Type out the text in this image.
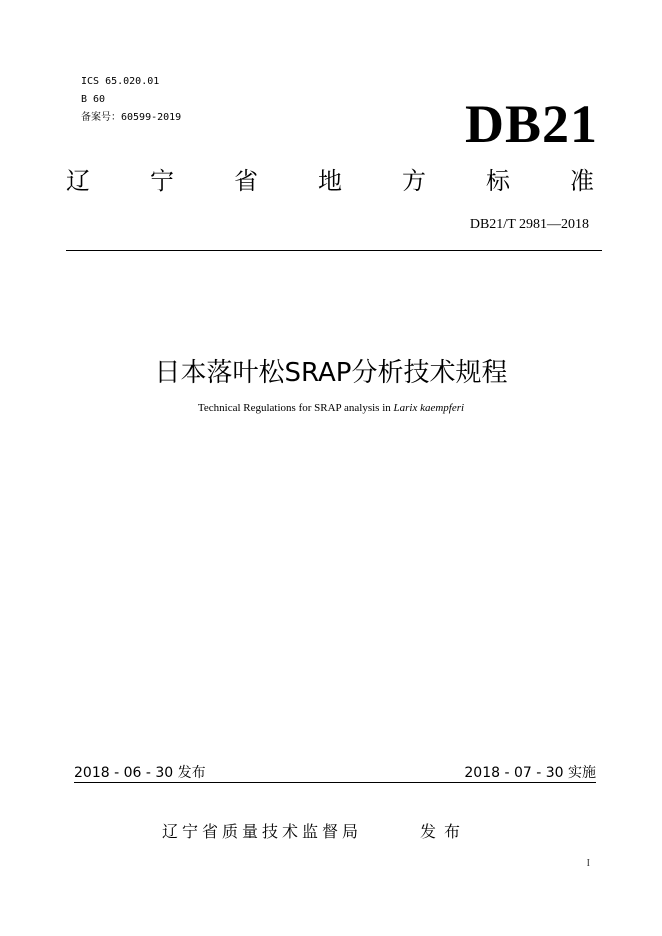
ICS 65.020.01
B 60
备案号：60599-2019	DB21
辽	宁	省	地	方	标	准
DB21/T 2981—2018
日本落叶松SRAP分析技术规程
Technical Regulations for SRAP analysis in Larix kaempferi
2018 - 06 - 30 发布	2018 - 07 - 30 实施
辽宁省质量技术监督局	发布
I
